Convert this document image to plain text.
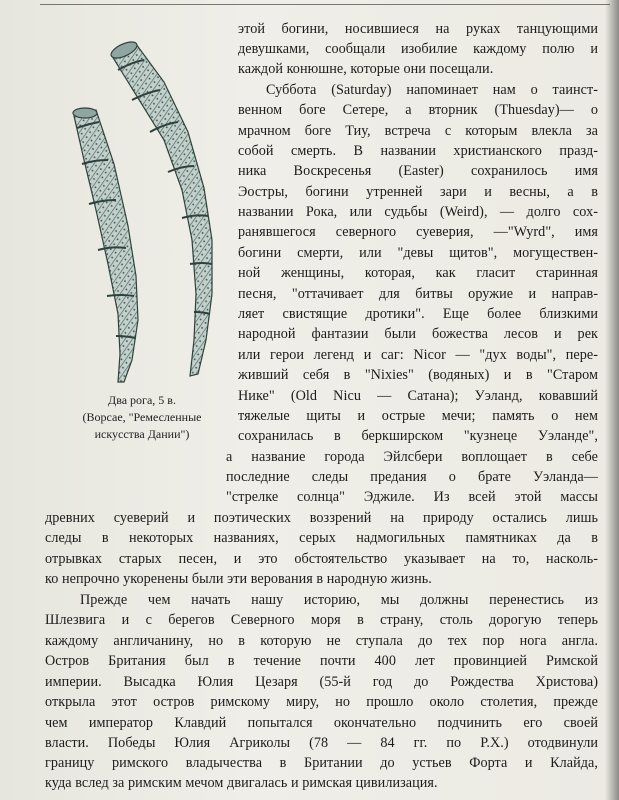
Два рога, 5 в.
(Ворсае, "Ремесленные
искусства Дании")
этой богини, носившиеся на руках танцующими
девушками, сообщали изобилие каждому полю и
каждой конюшне, которые они посещали.
Суббота (Saturday) напоминает нам о таинст-
венном боге Сетере, а вторник (Thuesday)— о
мрачном боге Тиу, встреча с которым влекла за
собой смерть. В названии христианского празд-
ника Воскресенья (Easter) сохранилось имя
Эостры, богини утренней зари и весны, а в
названии Рока, или судьбы (Weird), — долго сох-
ранявшегося северного суеверия, —"Wyrd", имя
богини смерти, или "девы щитов", могуществен-
ной женщины, которая, как гласит старинная
песня, "оттачивает для битвы оружие и направ-
ляет свистящие дротики". Еще более близкими
народной фантазии были божества лесов и рек
или герои легенд и саг: Nicor — "дух воды", пере-
живший себя в "Nixies" (водяных) и в "Старом
Нике" (Old Nicu — Сатана); Уэланд, ковавший
тяжелые щиты и острые мечи; память о нем
сохранилась в беркширском "кузнеце Уэланде",
а название города Эйлсбери воплощает в себе
последние следы предания о брате Уэланда—
"стрелке солнца" Эджиле. Из всей этой массы
древних суеверий и поэтических воззрений на природу остались лишь
следы в некоторых названиях, серых надмогильных памятниках да в
отрывках старых песен, и это обстоятельство указывает на то, насколь-
ко непрочно укоренены были эти верования в народную жизнь.
Прежде чем начать нашу историю, мы должны перенестись из
Шлезвига и с берегов Северного моря в страну, столь дорогую теперь
каждому англичанину, но в которую не ступала до тех пор нога англа.
Остров Британия был в течение почти 400 лет провинцией Римской
империи. Высадка Юлия Цезаря (55-й год до Рождества Христова)
открыла этот остров римскому миру, но прошло около столетия, прежде
чем император Клавдий попытался окончательно подчинить его своей
власти. Победы Юлия Агриколы (78 — 84 гг. по Р.Х.) отодвинули
границу римского владычества в Британии до устьев Форта и Клайда,
куда вслед за римским мечом двигалась и римская цивилизация.
